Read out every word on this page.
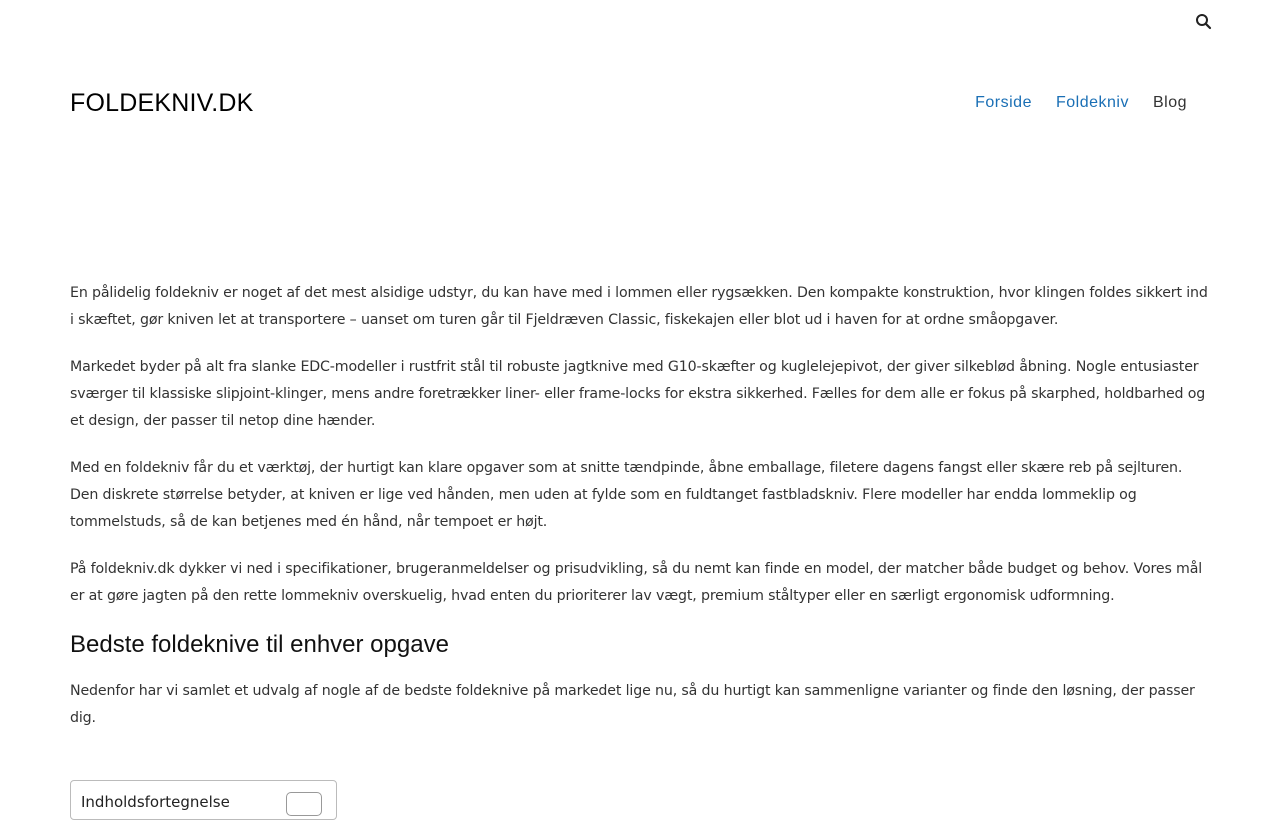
FOLDEKNIV.DK	Forside Foldekniv Blog

En pålidelig foldekniv er noget af det mest alsidige udstyr, du kan have med i lommen eller rygsækken. Den kompakte konstruktion, hvor klingen foldes sikkert ind i skæftet, gør kniven let at transportere – uanset om turen går til Fjeldræven Classic, fiskekajen eller blot ud i haven for at ordne småopgaver.

Markedet byder på alt fra slanke EDC-modeller i rustfrit stål til robuste jagtknive med G10-skæfter og kuglelejepivot, der giver silkeblød åbning. Nogle entusiaster sværger til klassiske slipjoint-klinger, mens andre foretrækker liner- eller frame-locks for ekstra sikkerhed. Fælles for dem alle er fokus på skarphed, holdbarhed og et design, der passer til netop dine hænder.

Med en foldekniv får du et værktøj, der hurtigt kan klare opgaver som at snitte tændpinde, åbne emballage, filetere dagens fangst eller skære reb på sejlturen. Den diskrete størrelse betyder, at kniven er lige ved hånden, men uden at fylde som en fuldtanget fastbladskniv. Flere modeller har endda lommeklip og tommelstuds, så de kan betjenes med én hånd, når tempoet er højt.

På foldekniv.dk dykker vi ned i specifikationer, brugeranmeldelser og prisudvikling, så du nemt kan finde en model, der matcher både budget og behov. Vores mål er at gøre jagten på den rette lommekniv overskuelig, hvad enten du prioriterer lav vægt, premium ståltyper eller en særligt ergonomisk udformning.

Bedste foldeknive til enhver opgave

Nedenfor har vi samlet et udvalg af nogle af de bedste foldeknive på markedet lige nu, så du hurtigt kan sammenligne varianter og finde den løsning, der passer dig.

Indholdsfortegnelse
